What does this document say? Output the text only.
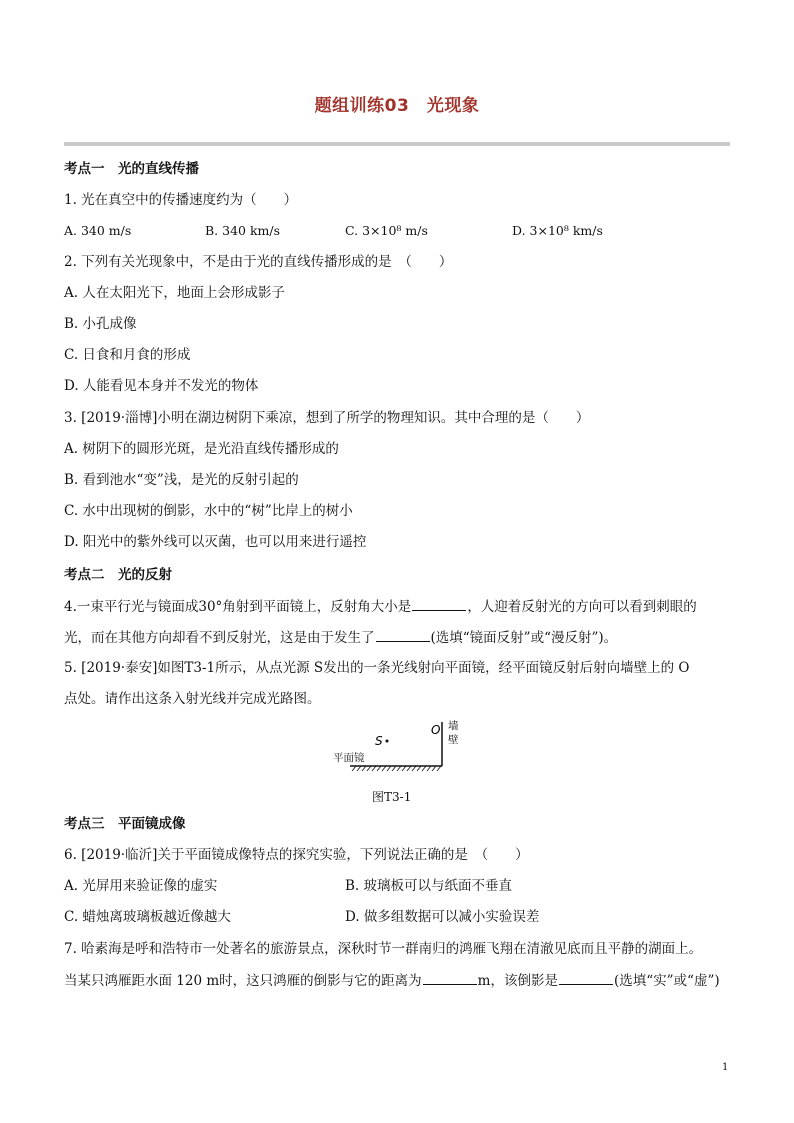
题组训练03　光现象
考点一　光的直线传播
1. 光在真空中的传播速度约为（　　）
A. 340 m/s	B. 340 km/s	C. 3×10⁸ m/s	D. 3×10⁸ km/s
2. 下列有关光现象中，不是由于光的直线传播形成的是　（　　）
A. 人在太阳光下，地面上会形成影子
B. 小孔成像
C. 日食和月食的形成
D. 人能看见本身并不发光的物体
3. [2019·淄博]小明在湖边树阴下乘凉，想到了所学的物理知识。其中合理的是（　　）
A. 树阴下的圆形光斑，是光沿直线传播形成的
B. 看到池水“变”浅，是光的反射引起的
C. 水中出现树的倒影，水中的“树”比岸上的树小
D. 阳光中的紫外线可以灭菌，也可以用来进行遥控
考点二　光的反射
4.一束平行光与镜面成30°角射到平面镜上，反射角大小是	，人迎着反射光的方向可以看到刺眼的
光，而在其他方向却看不到反射光，这是由于发生了	(选填“镜面反射”或“漫反射”)。
5. [2019·泰安]如图T3-1所示，从点光源 S发出的一条光线射向平面镜，经平面镜反射后射向墙壁上的 O
点处。请作出这条入射光线并完成光路图。
S
O 墙壁
平面镜
图T3-1
考点三　平面镜成像
6. [2019·临沂]关于平面镜成像特点的探究实验，下列说法正确的是　（　　）
A. 光屏用来验证像的虚实	B. 玻璃板可以与纸面不垂直
C. 蜡烛离玻璃板越近像越大	D. 做多组数据可以减小实验误差
7. 哈素海是呼和浩特市一处著名的旅游景点，深秋时节一群南归的鸿雁飞翔在清澈见底而且平静的湖面上。
当某只鸿雁距水面 120 m时，这只鸿雁的倒影与它的距离为	m，该倒影是	(选填“实”或“虚”)
1
